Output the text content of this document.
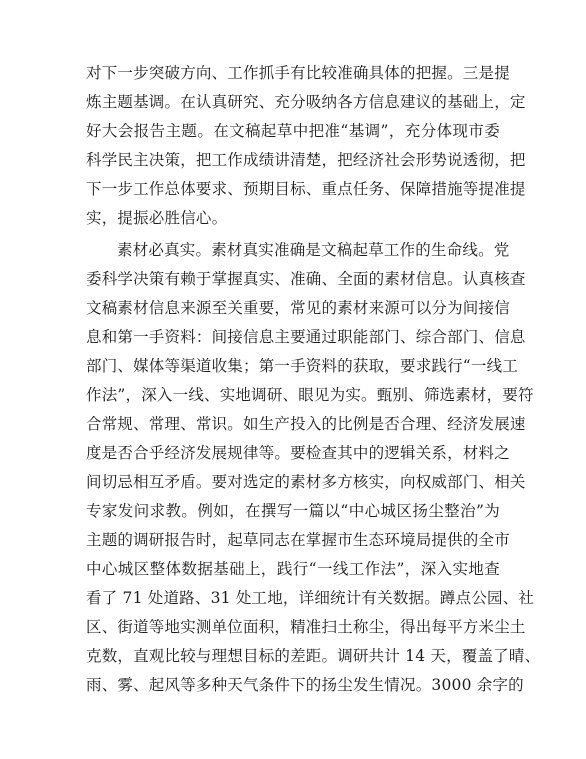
对下一步突破方向、工作抓手有比较准确具体的把握。三是提
炼主题基调。在认真研究、充分吸纳各方信息建议的基础上，定
好大会报告主题。在文稿起草中把准“基调”，充分体现市委
科学民主决策，把工作成绩讲清楚，把经济社会形势说透彻，把
下一步工作总体要求、预期目标、重点任务、保障措施等提准提
实，提振必胜信心。
素材必真实。素材真实准确是文稿起草工作的生命线。党
委科学决策有赖于掌握真实、准确、全面的素材信息。认真核查
文稿素材信息来源至关重要，常见的素材来源可以分为间接信
息和第一手资料：间接信息主要通过职能部门、综合部门、信息
部门、媒体等渠道收集；第一手资料的获取，要求践行“一线工
作法”，深入一线、实地调研、眼见为实。甄别、筛选素材，要符
合常规、常理、常识。如生产投入的比例是否合理、经济发展速
度是否合乎经济发展规律等。要检查其中的逻辑关系，材料之
间切忌相互矛盾。要对选定的素材多方核实，向权威部门、相关
专家发问求教。例如，在撰写一篇以“中心城区扬尘整治”为
主题的调研报告时，起草同志在掌握市生态环境局提供的全市
中心城区整体数据基础上，践行“一线工作法”，深入实地查
看了 71 处道路、31 处工地，详细统计有关数据。蹲点公园、社
区、街道等地实测单位面积，精准扫土称尘，得出每平方米尘土
克数，直观比较与理想目标的差距。调研共计 14 天，覆盖了晴、
雨、雾、起风等多种天气条件下的扬尘发生情况。3000 余字的
